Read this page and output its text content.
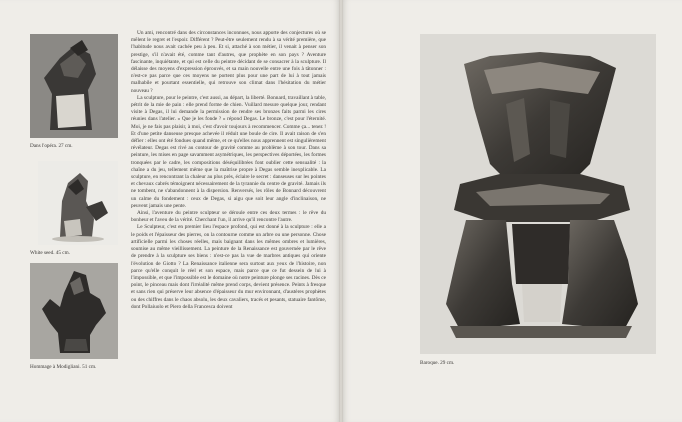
Dans l'opéra. 27 cm.
White seed. 45 cm.
Hommage à Modigliani. 51 cm.

Un ami, rencontré dans des circonstances inconnues, nous apporte des conjectures où se mêlent le regret et l'espoir. Différent ? Peut-être seulement rendu à sa vérité première, que l'habitude nous avait cachée peu à peu. Et si, attaché à son métier, il venait à penser son prestige, s'il n'avait été, comme tant d'autres, que prophète en son pays ? Aventure fascinante, inquiétante, et qui est celle du peintre décidant de se consacrer à la sculpture. Il délaisse des moyens d'expression éprouvés, et sa main nouvelle entre une fois à tâtonner : n'est-ce pas parce que ces moyens ne portent plus pour une part de lui à tout jamais malhabile et pourtant essentielle, qui retrouve son climat dans l'hésitation du métier nouveau ?

La sculpture, pour le peintre, c'est aussi, au départ, la liberté. Bonnard, travaillant à table, pétrit de la mie de pain : elle prend forme de chien. Vuillard mesure quelque jour, rendant visite à Degas, il lui demande la permission de rendre ses bronzes faits parmi les cires réunies dans l'atelier. « Que je les fonde ? » répond Degas. Le bronze, c'est pour l'éternité. Moi, je ne fais pas plaisir, à moi, c'est d'avoir toujours à recommencer. Comme ça... tenez ! Et d'une petite danseuse presque achevée il réduit une boule de cire. Il avait raison de s'en défier : elles ont été fondues quand même, et ce qu'elles nous apprennent est singulièrement révélateur. Degas est rivé au contour de gravité comme au problème à son tour. Dans sa peinture, les mises en page savamment asymétriques, les perspectives déportées, les formes tronquées par le cadre, les compositions déséquilibrées font oublier cette sensualité : la chaîne a du jeu, tellement même que la maîtrise propre à Degas semble inexplicable. La sculpture, en rencontrant la chaleur au plus près, éclaire le secret : danseuses sur les pointes et chevaux cabrés témoignent nécessairement de la tyrannie du centre de gravité. Jamais ils ne tombent, ne s'abandonnent à la dispersion. Renversés, les rôles de Bonnard découvrent un calme du fondement : ceux de Degas, si aigu que soit leur angle d'inclinaison, ne peuvent jamais une pente.

Ainsi, l'aventure du peintre sculpteur se déroule entre ces deux termes : le rêve du bonheur et l'aveu de la vérité. Cherchant l'un, il arrive qu'il rencontre l'autre.

Le Sculpteur, c'est en premier lieu l'espace profond, qui est donné à la sculpture : elle a le poids et l'épaisseur des pierres, on la contourne comme un arbre ou une personne. Chose artificielle parmi les choses réelles, mais baignant dans les mêmes ombres et lumières, soumise au même vieillissement. La peinture de la Renaissance est gouvernée par le rêve de prendre à la sculpture ses biens : n'est-ce pas la vue de marbres antiques qui oriente l'évolution de Giotto ? La Renaissance italienne sera surtout aux yeux de l'histoire, non parce qu'elle conquit le réel et son espace, mais parce que ce fut dessein de lui à l'impossible, et que l'impossible est le domaine où notre peinture plonge ses racines. Dès ce point, le pinceau mais dont l'irréalité même prend corps, devient présence. Peints à fresque et sans rien qui préserve leur absence d'épaisseur du mur environnant, d'austères prophètes ou des chiffres dans le chaos absolu, les deux cavaliers, tracés et pesants, statuaire fantôme, dont Pollaiuolo et Piero della Francesca doivent

Baroque. 29 cm.
